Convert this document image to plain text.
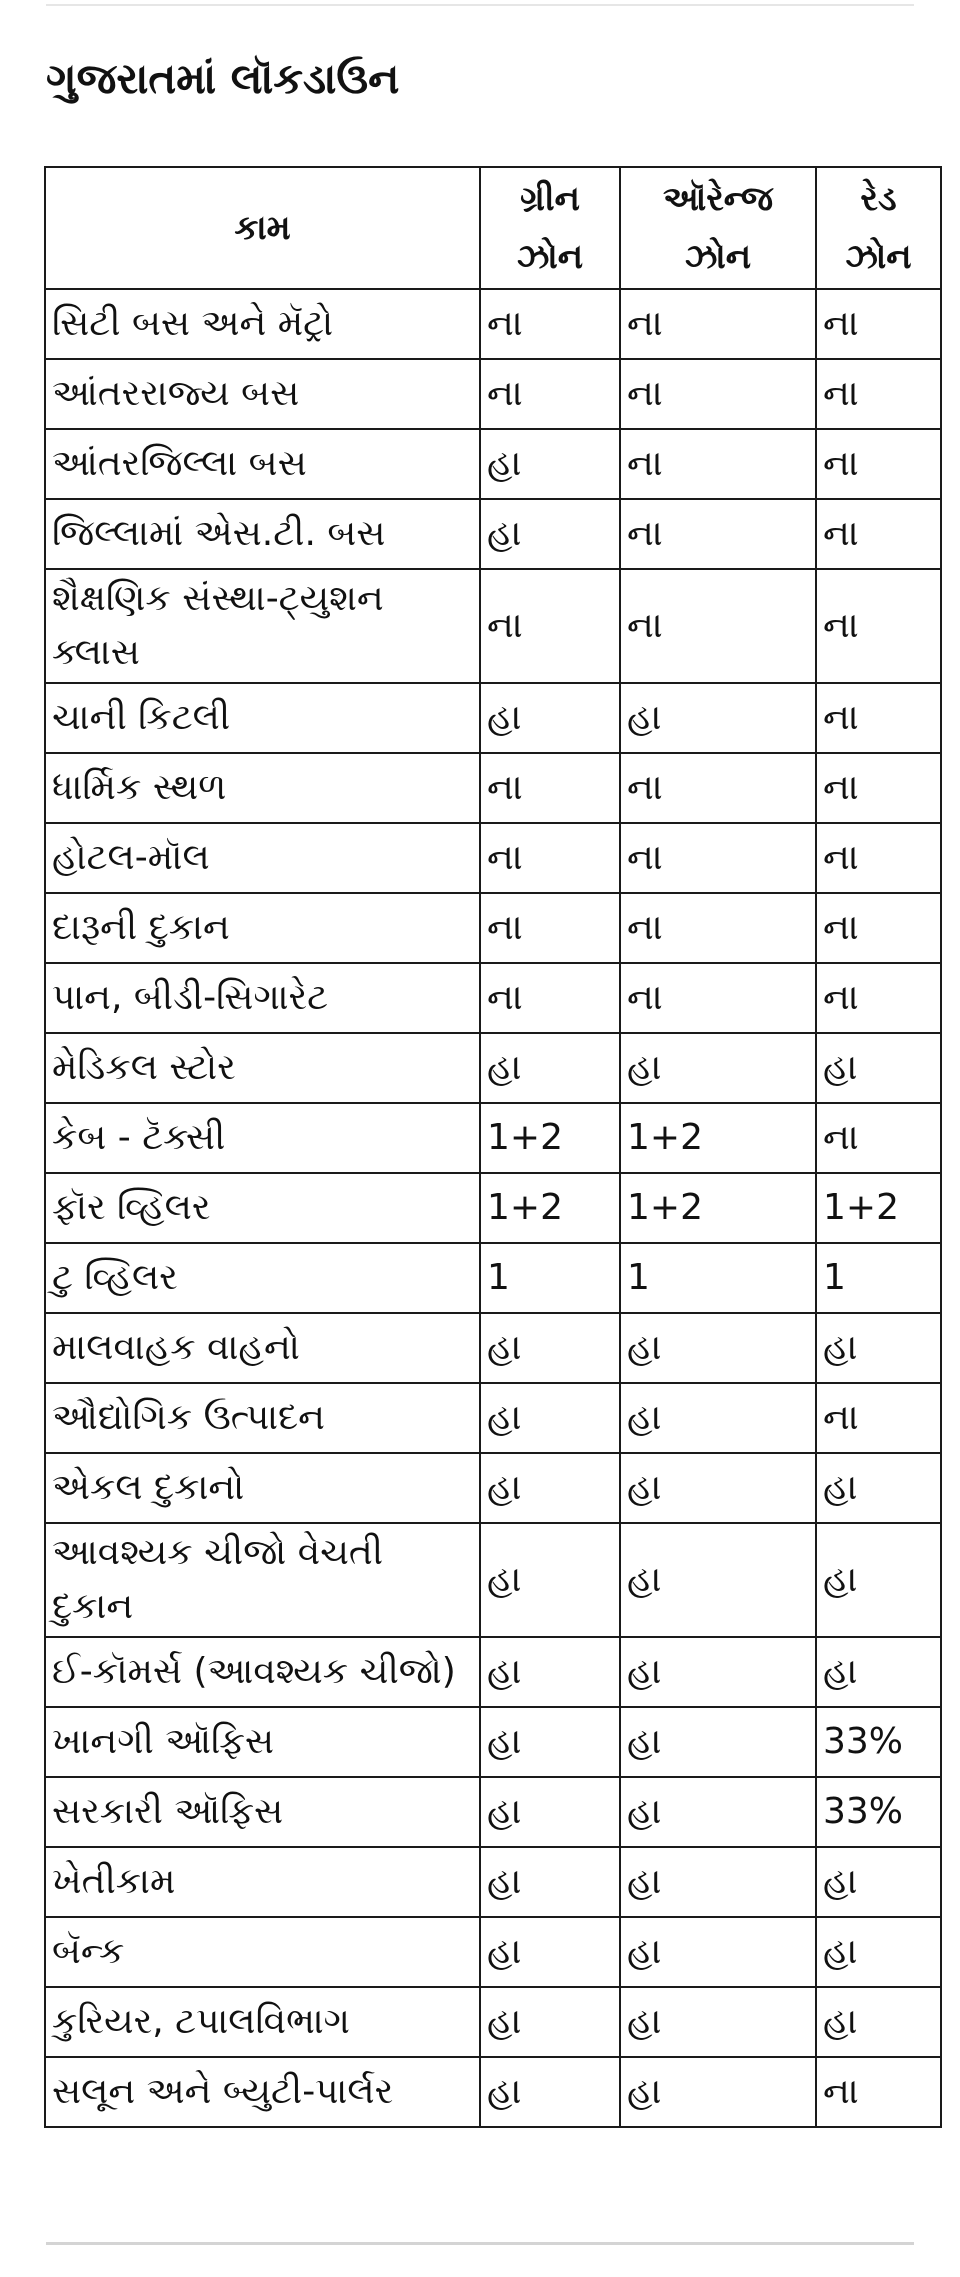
ગુજરાતમાં લૉકડાઉન
કામ	ગ્રીન ઝોન	ઑરેન્જ ઝોન	રેડ ઝોન
સિટી બસ અને મૅટ્રો	ના	ના	ના
આંતરરાજ્ય બસ	ના	ના	ના
આંતરજિલ્લા બસ	હા	ના	ના
જિલ્લામાં એસ.ટી. બસ	હા	ના	ના
શૈક્ષણિક સંસ્થા-ટ્યુશન ક્લાસ	ના	ના	ના
ચાની કિટલી	હા	હા	ના
ધાર્મિક સ્થળ	ના	ના	ના
હોટલ-મૉલ	ના	ના	ના
દારૂની દુકાન	ના	ના	ના
પાન, બીડી-સિગારેટ	ના	ના	ના
મેડિકલ સ્ટોર	હા	હા	હા
કેબ - ટૅક્સી	1+2	1+2	ના
ફૉર વ્હિલર	1+2	1+2	1+2
ટુ વ્હિલર	1	1	1
માલવાહક વાહનો	હા	હા	હા
ઔદ્યોગિક ઉત્પાદન	હા	હા	ના
એકલ દુકાનો	હા	હા	હા
આવશ્યક ચીજો વેચતી દુકાન	હા	હા	હા
ઈ-કૉમર્સ (આવશ્યક ચીજો)	હા	હા	હા
ખાનગી ઑફિસ	હા	હા	33%
સરકારી ઑફિસ	હા	હા	33%
ખેતીકામ	હા	હા	હા
બૅન્ક	હા	હા	હા
કુરિયર, ટપાલવિભાગ	હા	હા	હા
સલૂન અને બ્યુટી-પાર્લર	હા	હા	ના
